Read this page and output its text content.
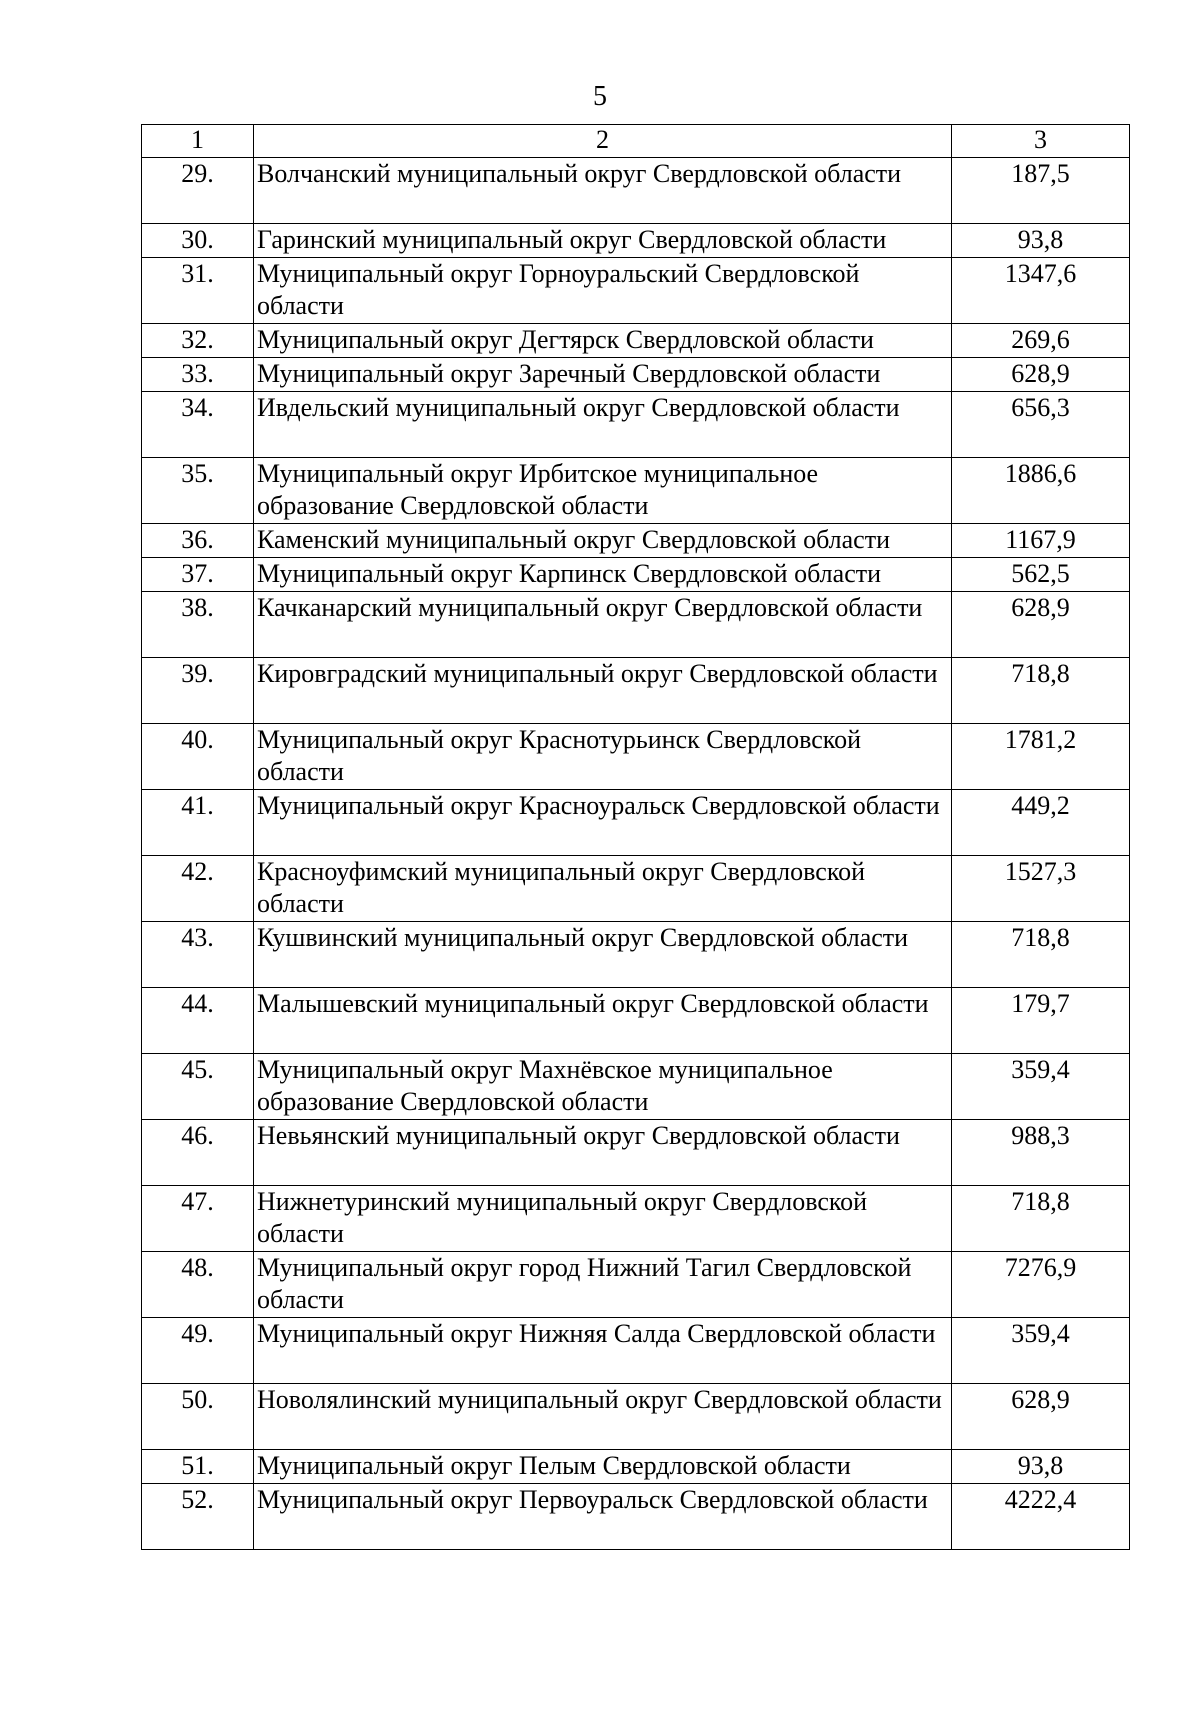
5
1	2	3
29.	Волчанский муниципальный округ Свердловской области	187,5
30.	Гаринский муниципальный округ Свердловской области	93,8
31.	Муниципальный округ Горноуральский Свердловской области	1347,6
32.	Муниципальный округ Дегтярск Свердловской области	269,6
33.	Муниципальный округ Заречный Свердловской области	628,9
34.	Ивдельский муниципальный округ Свердловской области	656,3
35.	Муниципальный округ Ирбитское муниципальное образование Свердловской области	1886,6
36.	Каменский муниципальный округ Свердловской области	1167,9
37.	Муниципальный округ Карпинск Свердловской области	562,5
38.	Качканарский муниципальный округ Свердловской области	628,9
39.	Кировградский муниципальный округ Свердловской области	718,8
40.	Муниципальный округ Краснотурьинск Свердловской области	1781,2
41.	Муниципальный округ Красноуральск Свердловской области	449,2
42.	Красноуфимский муниципальный округ Свердловской области	1527,3
43.	Кушвинский муниципальный округ Свердловской области	718,8
44.	Малышевский муниципальный округ Свердловской области	179,7
45.	Муниципальный округ Махнёвское муниципальное образование Свердловской области	359,4
46.	Невьянский муниципальный округ Свердловской области	988,3
47.	Нижнетуринский муниципальный округ Свердловской области	718,8
48.	Муниципальный округ город Нижний Тагил Свердловской области	7276,9
49.	Муниципальный округ Нижняя Салда Свердловской области	359,4
50.	Новолялинский муниципальный округ Свердловской области	628,9
51.	Муниципальный округ Пелым Свердловской области	93,8
52.	Муниципальный округ Первоуральск Свердловской области	4222,4
